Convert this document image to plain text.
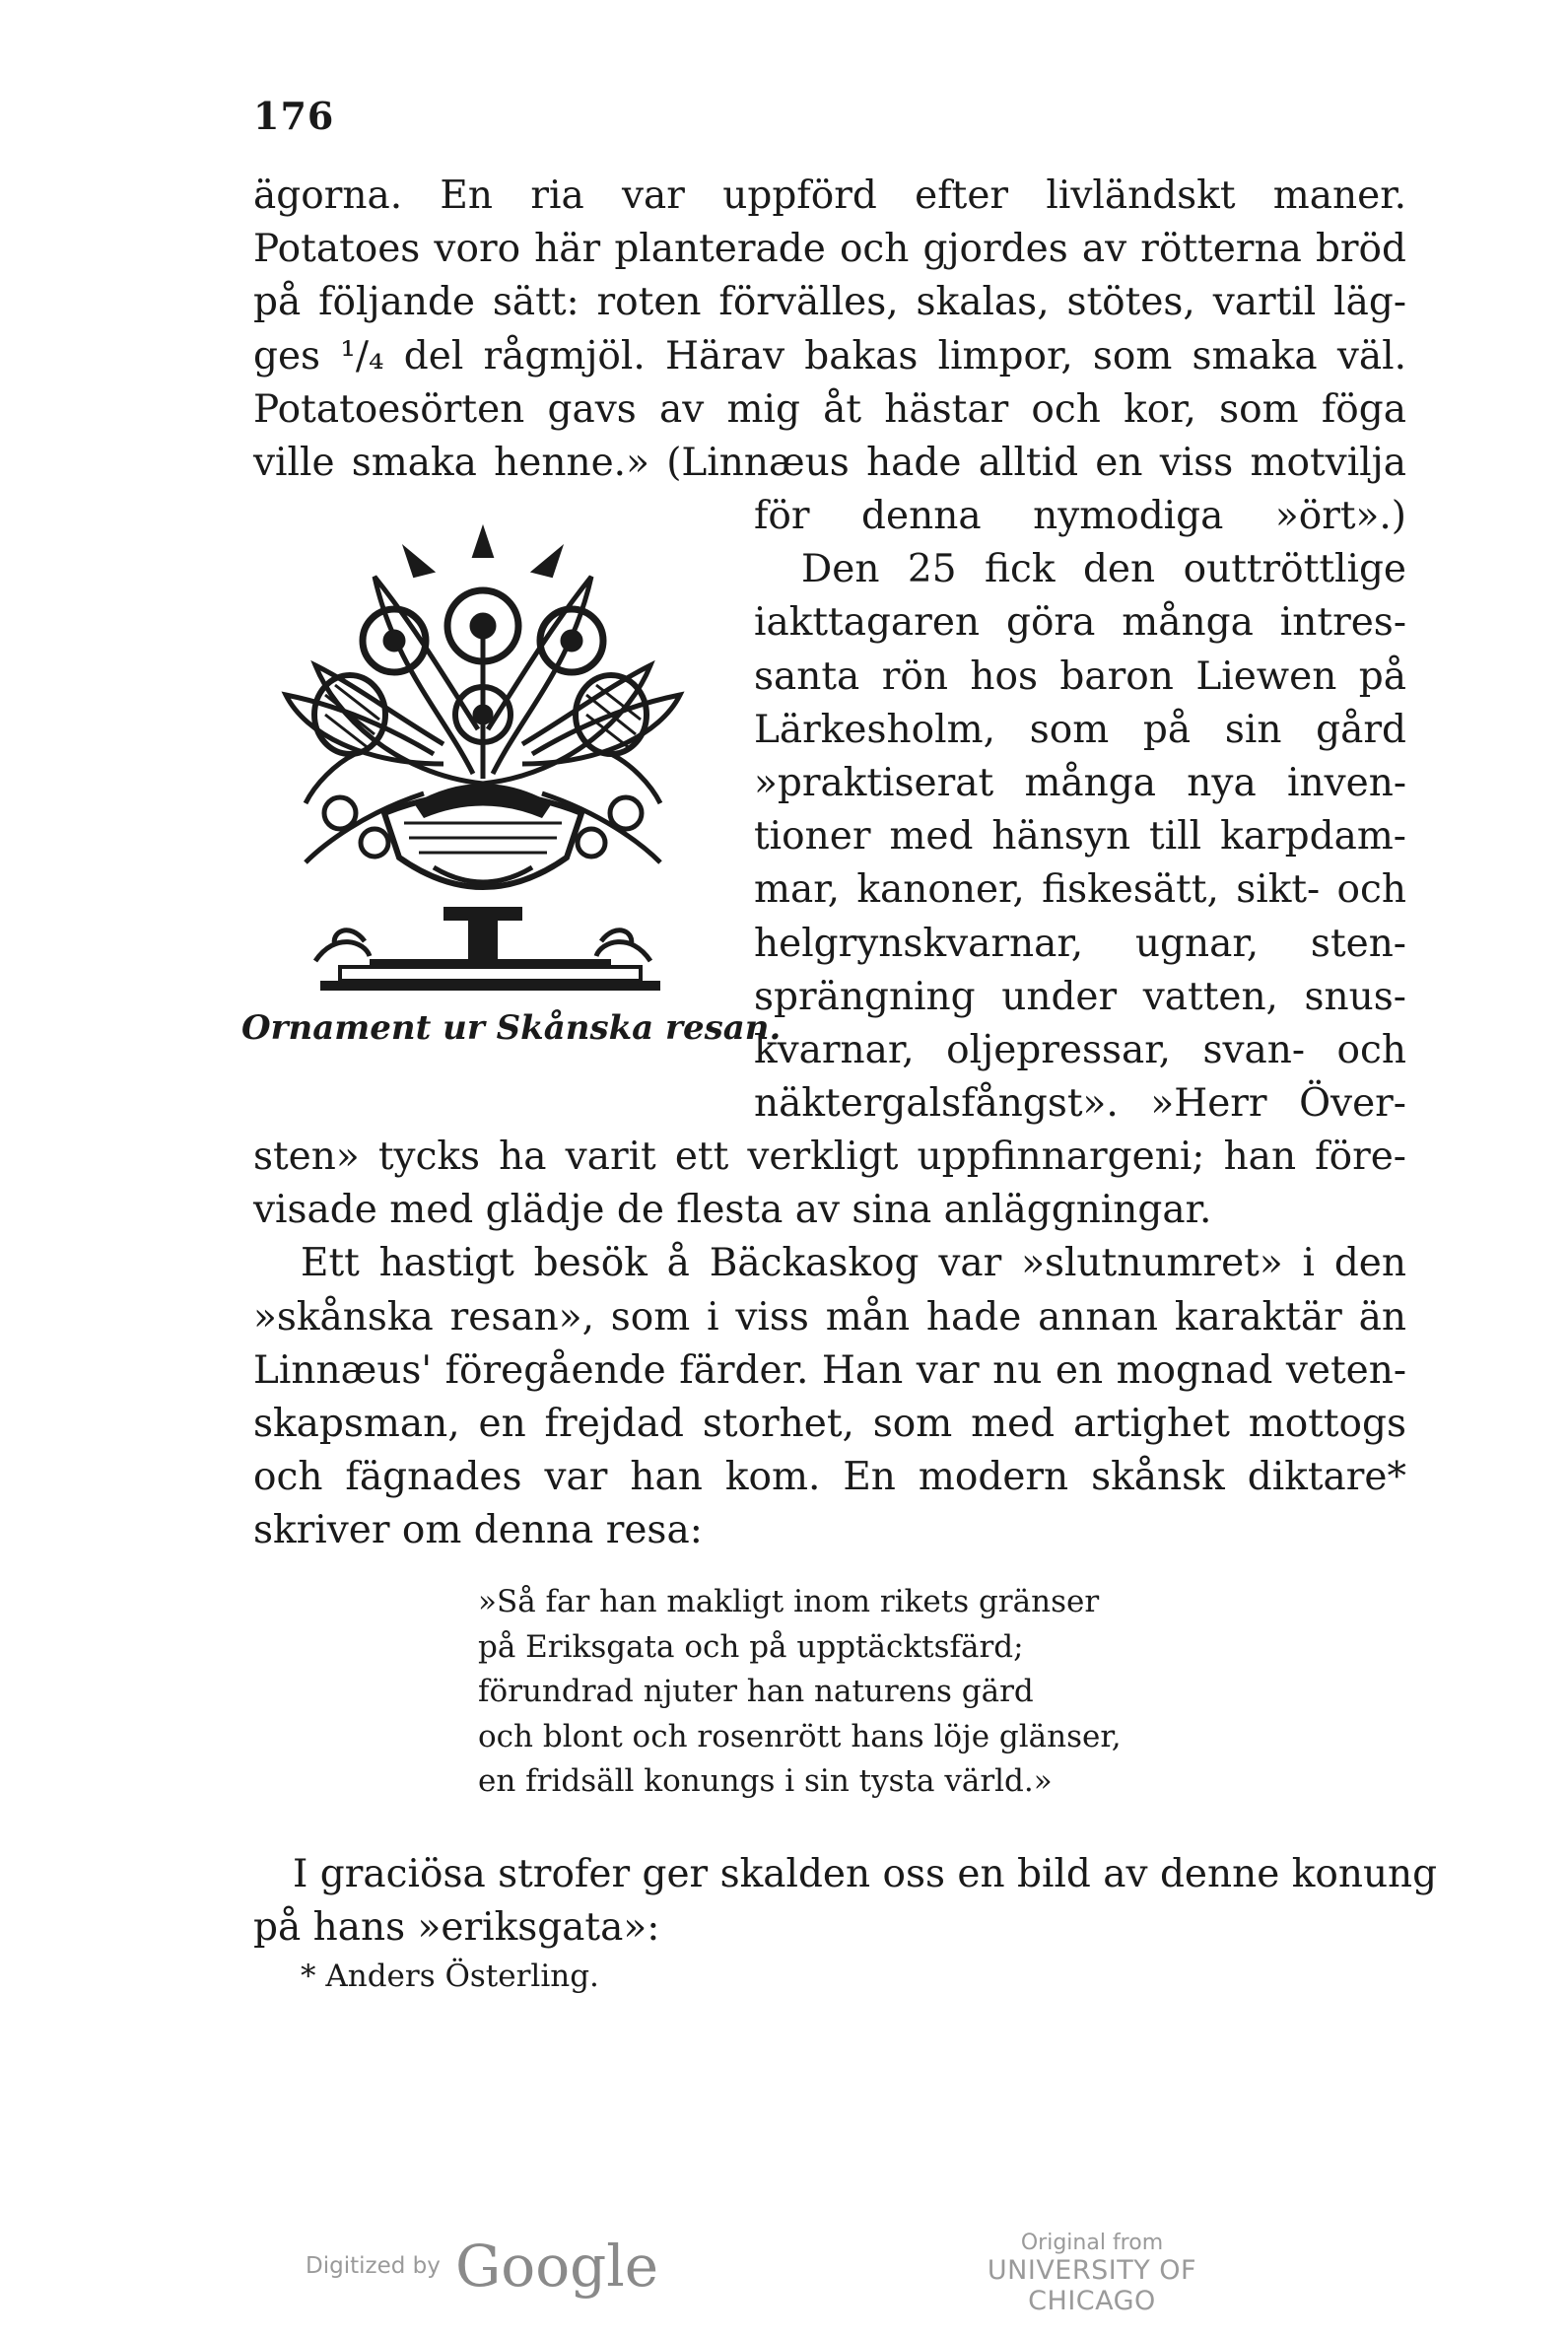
176
ägorna. En ria var uppförd efter livländskt maner.
Potatoes voro här planterade och gjordes av rötterna bröd
på följande sätt: roten förvälles, skalas, stötes, vartil läg-
ges ¹/₄ del rågmjöl. Härav bakas limpor, som smaka väl.
Potatoesörten gavs av mig åt hästar och kor, som föga
ville smaka henne.» (Linnæus hade alltid en viss motvilja
för denna nymodiga »ört».)
Den 25 fick den outtröttlige
iakttagaren göra många intres-
santa rön hos baron Liewen på
Lärkesholm, som på sin gård
»praktiserat många nya inven-
tioner med hänsyn till karpdam-
mar, kanoner, fiskesätt, sikt- och
helgrynskvarnar, ugnar, sten-
sprängning under vatten, snus-
kvarnar, oljepressar, svan- och
näktergalsfångst». »Herr Över-
Ornament ur Skånska resan.
sten» tycks ha varit ett verkligt uppfinnargeni; han före-
visade med glädje de flesta av sina anläggningar.
Ett hastigt besök å Bäckaskog var »slutnumret» i den
»skånska resan», som i viss mån hade annan karaktär än
Linnæus' föregående färder. Han var nu en mognad veten-
skapsman, en frejdad storhet, som med artighet mottogs
och fägnades var han kom. En modern skånsk diktare*
skriver om denna resa:
»Så far han makligt inom rikets gränser
på Eriksgata och på upptäcktsfärd;
förundrad njuter han naturens gärd
och blont och rosenrött hans löje glänser,
en fridsäll konungs i sin tysta värld.»
I graciösa strofer ger skalden oss en bild av denne konung
på hans »eriksgata»:
* Anders Österling.
Digitized by Google	Original from
UNIVERSITY OF CHICAGO
